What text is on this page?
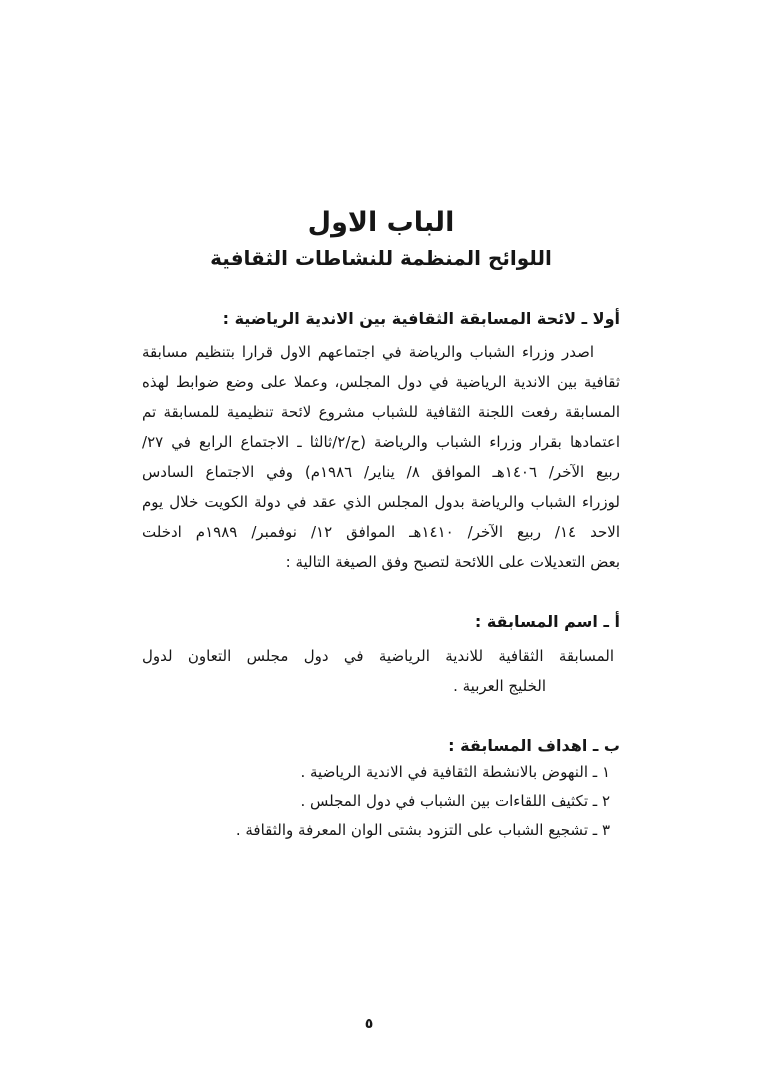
الباب الاول
اللوائح المنظمة للنشاطات الثقافية
أولا ـ لائحة المسابقة الثقافية بين الاندية الرياضية :
اصدر وزراء الشباب والرياضة في اجتماعهم الاول قرارا بتنظيم مسابقة
ثقافية بين الاندية الرياضية في دول المجلس، وعملا على وضع ضوابط لهذه
المسابقة رفعت اللجنة الثقافية للشباب مشروع لائحة تنظيمية للمسابقة تم
اعتمادها بقرار وزراء الشباب والرياضة (ح/٢/ثالثا ـ الاجتماع الرابع في ٢٧/
ربيع الآخر/ ١٤٠٦هـ الموافق ٨/ يناير/ ١٩٨٦م) وفي الاجتماع السادس
لوزراء الشباب والرياضة بدول المجلس الذي عقد في دولة الكويت خلال يوم
الاحد ١٤/ ربيع الآخر/ ١٤١٠هـ الموافق ١٢/ نوفمبر/ ١٩٨٩م ادخلت
بعض التعديلات على اللائحة لتصبح وفق الصيغة التالية :
أ ـ اسم المسابقة :
المسابقة الثقافية للاندية الرياضية في دول مجلس التعاون لدول
الخليج العربية .
ب ـ اهداف المسابقة :
١ ـ النهوض بالانشطة الثقافية في الاندية الرياضية .
٢ ـ تكثيف اللقاءات بين الشباب في دول المجلس .
٣ ـ تشجيع الشباب على التزود بشتى الوان المعرفة والثقافة .
٥
